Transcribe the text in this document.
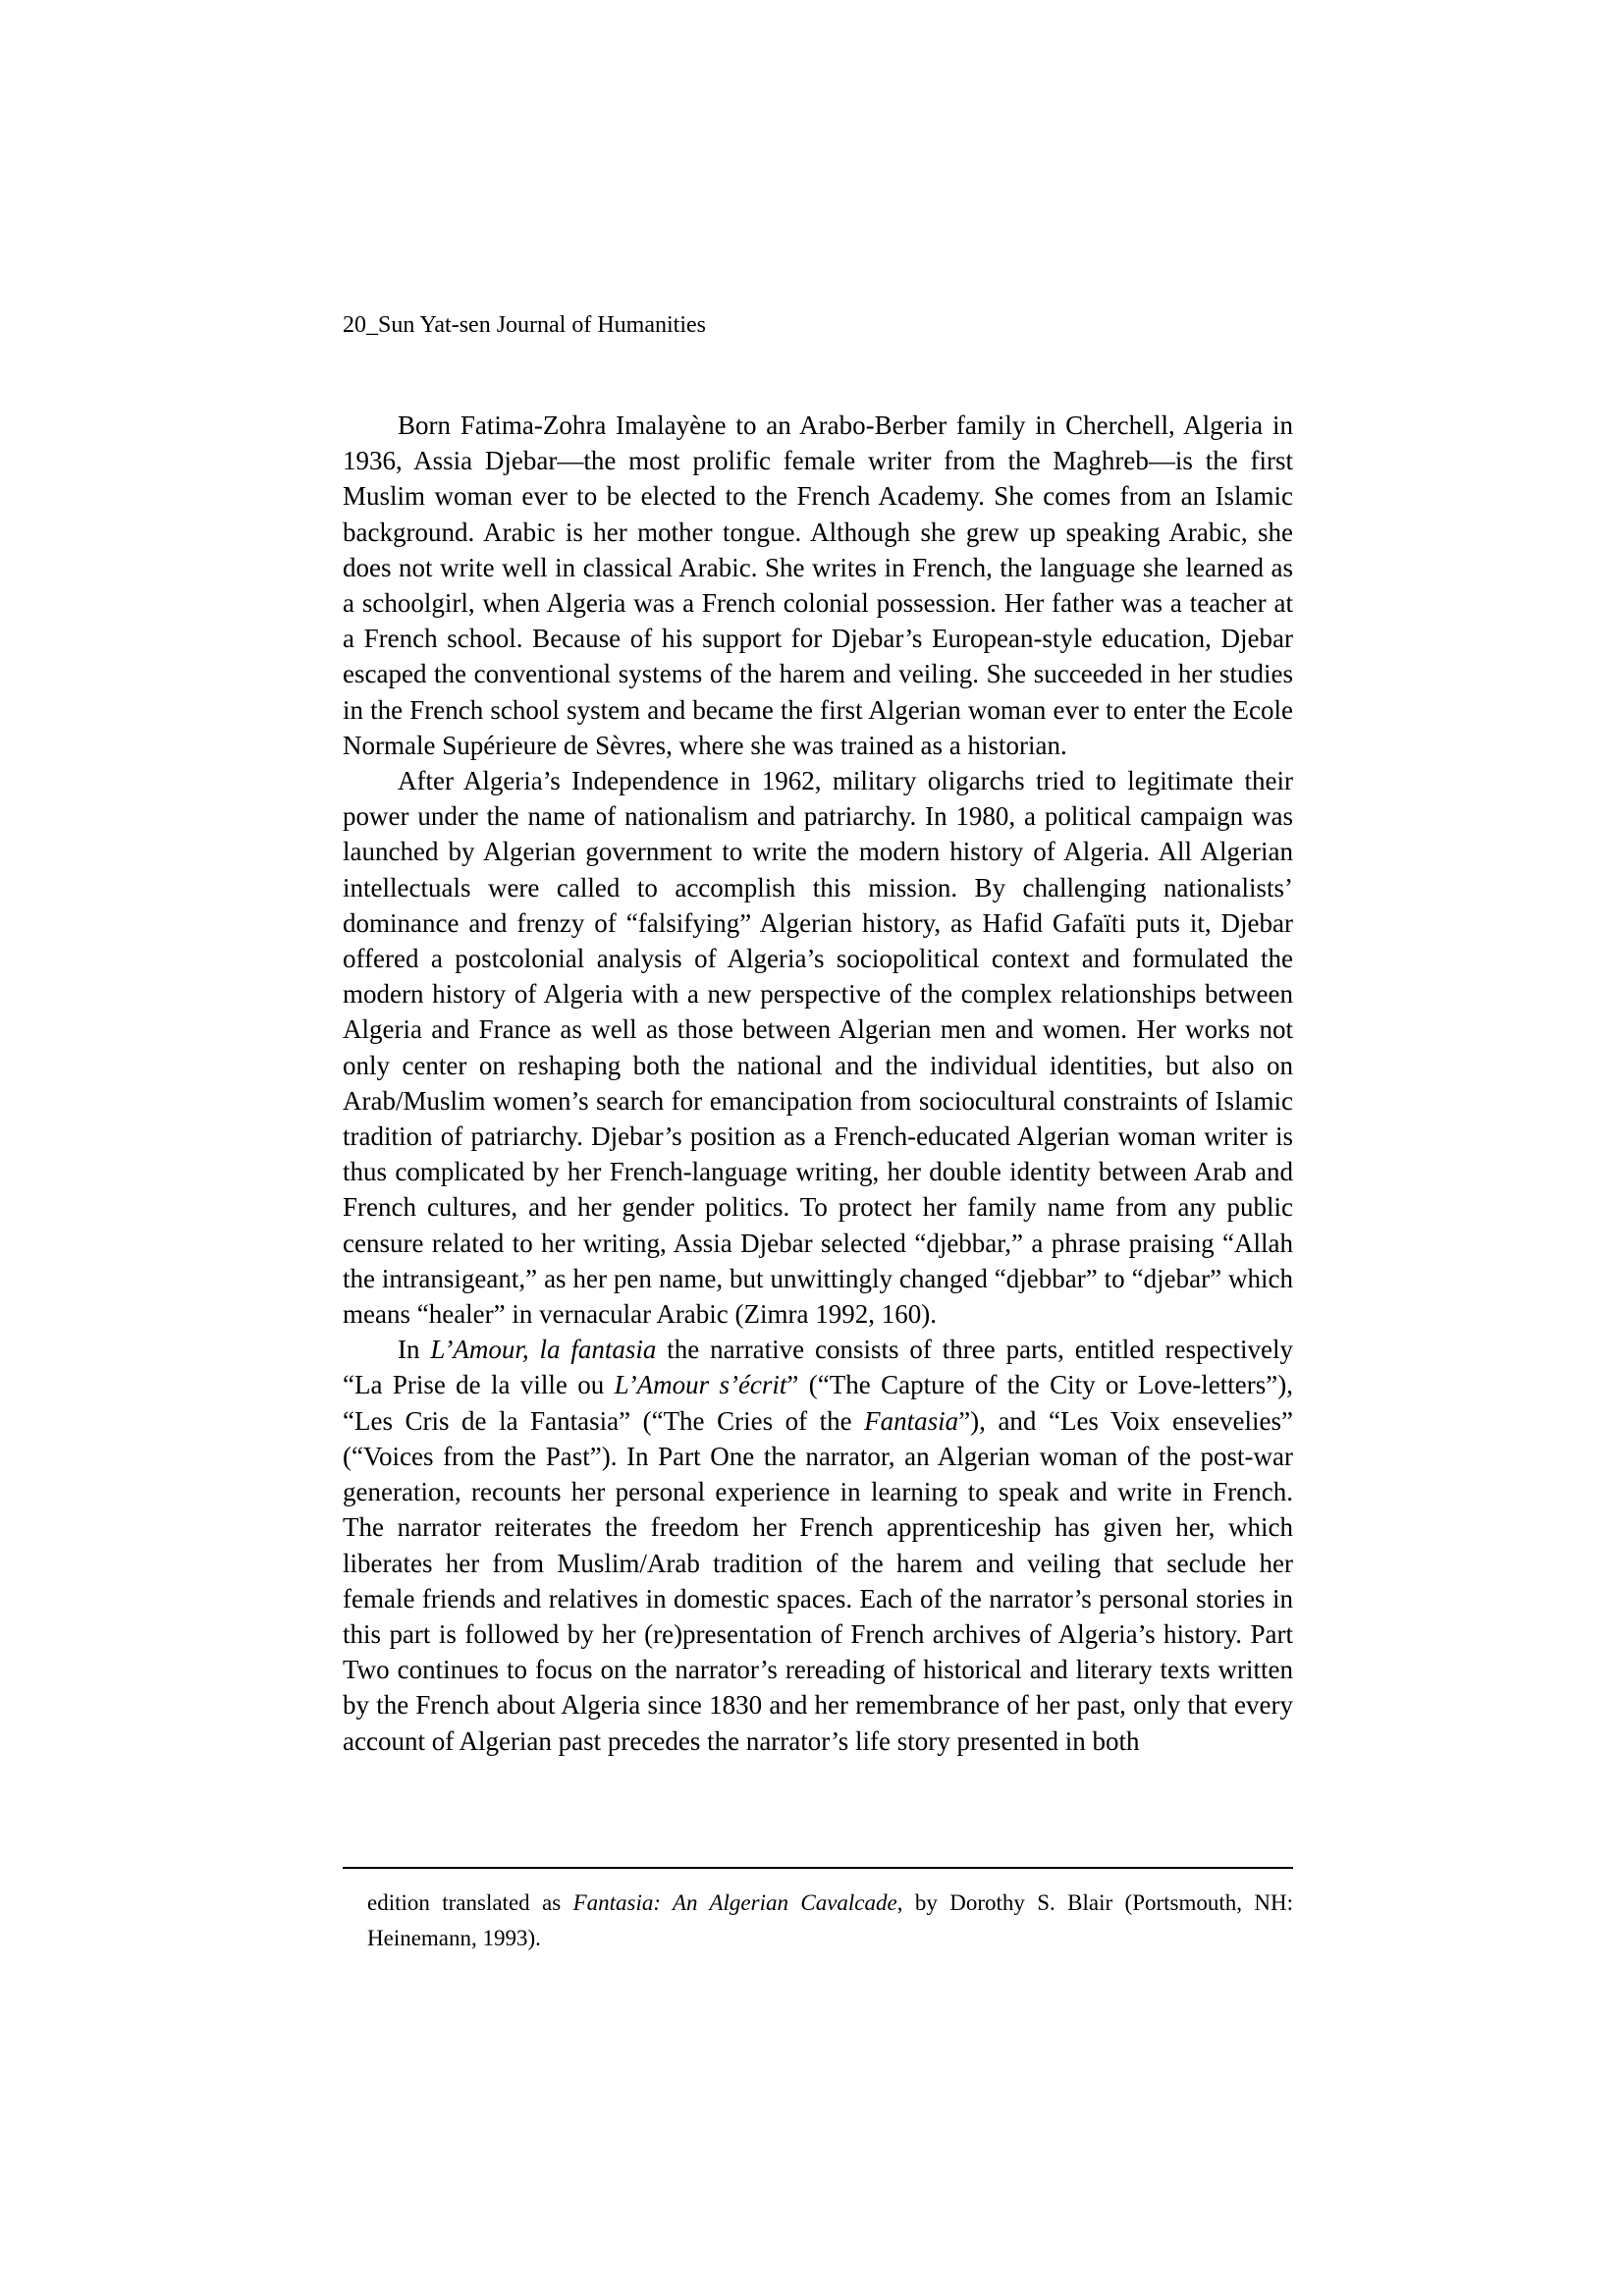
20_Sun Yat-sen Journal of Humanities

Born Fatima-Zohra Imalayène to an Arabo-Berber family in Cherchell, Algeria in 1936, Assia Djebar—the most prolific female writer from the Maghreb—is the first Muslim woman ever to be elected to the French Academy. She comes from an Islamic background. Arabic is her mother tongue. Although she grew up speaking Arabic, she does not write well in classical Arabic. She writes in French, the language she learned as a schoolgirl, when Algeria was a French colonial possession. Her father was a teacher at a French school. Because of his support for Djebar’s European-style education, Djebar escaped the conventional systems of the harem and veiling. She succeeded in her studies in the French school system and became the first Algerian woman ever to enter the Ecole Normale Supérieure de Sèvres, where she was trained as a historian.

After Algeria’s Independence in 1962, military oligarchs tried to legitimate their power under the name of nationalism and patriarchy. In 1980, a political campaign was launched by Algerian government to write the modern history of Algeria. All Algerian intellectuals were called to accomplish this mission. By challenging nationalists’ dominance and frenzy of “falsifying” Algerian history, as Hafid Gafaïti puts it, Djebar offered a postcolonial analysis of Algeria’s sociopolitical context and formulated the modern history of Algeria with a new perspective of the complex relationships between Algeria and France as well as those between Algerian men and women. Her works not only center on reshaping both the national and the individual identities, but also on Arab/Muslim women’s search for emancipation from sociocultural constraints of Islamic tradition of patriarchy. Djebar’s position as a French-educated Algerian woman writer is thus complicated by her French-language writing, her double identity between Arab and French cultures, and her gender politics. To protect her family name from any public censure related to her writing, Assia Djebar selected “djebbar,” a phrase praising “Allah the intransigeant,” as her pen name, but unwittingly changed “djebbar” to “djebar” which means “healer” in vernacular Arabic (Zimra 1992, 160).

In L’Amour, la fantasia the narrative consists of three parts, entitled respectively “La Prise de la ville ou L’Amour s’écrit” (“The Capture of the City or Love-letters”), “Les Cris de la Fantasia” (“The Cries of the Fantasia”), and “Les Voix ensevelies” (“Voices from the Past”). In Part One the narrator, an Algerian woman of the post-war generation, recounts her personal experience in learning to speak and write in French. The narrator reiterates the freedom her French apprenticeship has given her, which liberates her from Muslim/Arab tradition of the harem and veiling that seclude her female friends and relatives in domestic spaces. Each of the narrator’s personal stories in this part is followed by her (re)presentation of French archives of Algeria’s history. Part Two continues to focus on the narrator’s rereading of historical and literary texts written by the French about Algeria since 1830 and her remembrance of her past, only that every account of Algerian past precedes the narrator’s life story presented in both

edition translated as Fantasia: An Algerian Cavalcade, by Dorothy S. Blair (Portsmouth, NH: Heinemann, 1993).
